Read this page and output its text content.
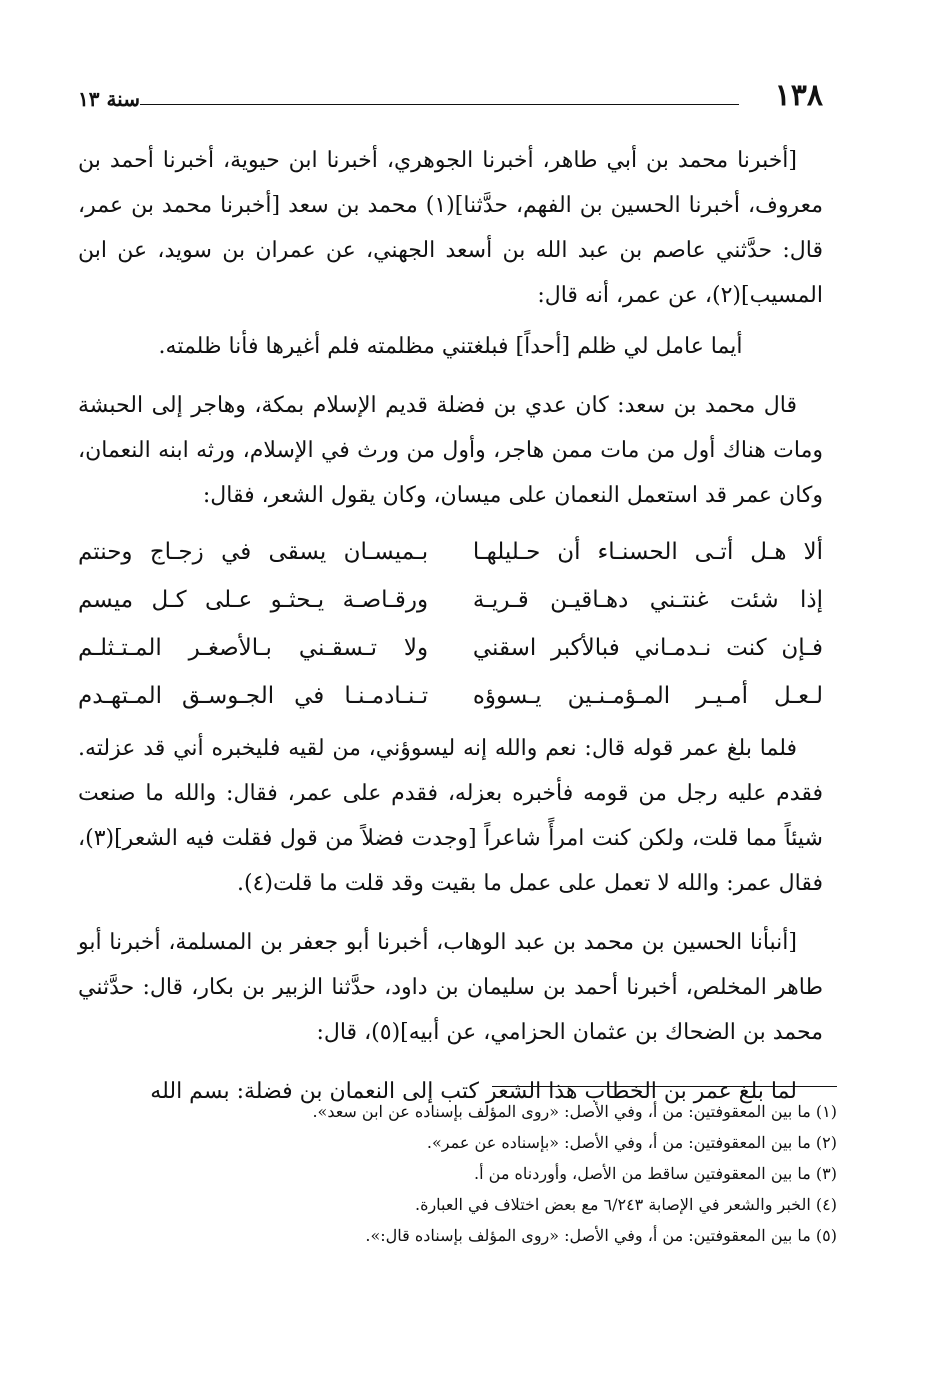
١٣٨
سنة ١٣

[أخبرنا محمد بن أبي طاهر، أخبرنا الجوهري، أخبرنا ابن حيوية، أخبرنا أحمد بن معروف، أخبرنا الحسين بن الفهم، حدَّثنا](١) محمد بن سعد [أخبرنا محمد بن عمر، قال: حدَّثني عاصم بن عبد الله بن أسعد الجهني، عن عمران بن سويد، عن ابن المسيب](٢)، عن عمر، أنه قال:

أيما عامل لي ظلم [أحداً] فبلغتني مظلمته فلم أغيرها فأنا ظلمته.

قال محمد بن سعد: كان عدي بن فضلة قديم الإسلام بمكة، وهاجر إلى الحبشة ومات هناك أول من مات ممن هاجر، وأول من ورث في الإسلام، ورثه ابنه النعمان، وكان عمر قد استعمل النعمان على ميسان، وكان يقول الشعر، فقال:

ألا هـل أتـى الحسنـاء أن حـليلهـا
بـميسـان يسقى في زجـاج وحنتم
إذا شئت غنتـني دهـاقيـن قـريـة
ورقـاصـة يـحثـو عـلى كـل ميسم
فـإن كنت نـدمـاني فبالأكبر اسقني
ولا تـسقـني بـالأصغـر المـتـثلـم
لـعـل أمـيـر المـؤمـنـين يـسوؤه
تـنـادمـنـا في الجـوسـق المـتهـدم

فلما بلغ عمر قوله قال: نعم والله إنه ليسوؤني، من لقيه فليخبره أني قد عزلته. فقدم عليه رجل من قومه فأخبره بعزله، فقدم على عمر، فقال: والله ما صنعت شيئاً مما قلت، ولكن كنت امرأً شاعراً [وجدت فضلاً من قول فقلت فيه الشعر](٣)، فقال عمر: والله لا تعمل على عمل ما بقيت وقد قلت ما قلت(٤).

[أنبأنا الحسين بن محمد بن عبد الوهاب، أخبرنا أبو جعفر بن المسلمة، أخبرنا أبو طاهر المخلص، أخبرنا أحمد بن سليمان بن داود، حدَّثنا الزبير بن بكار، قال: حدَّثني محمد بن الضحاك بن عثمان الحزامي، عن أبيه](٥)، قال:

لما بلغ عمر بن الخطاب هذا الشعر كتب إلى النعمان بن فضلة: بسم الله

(١) ما بين المعقوفتين: من أ، وفي الأصل: «روى المؤلف بإسناده عن ابن سعد».

(٢) ما بين المعقوفتين: من أ، وفي الأصل: «بإسناده عن عمر».

(٣) ما بين المعقوفتين ساقط من الأصل، وأوردناه من أ.

(٤) الخبر والشعر في الإصابة ٦/٢٤٣ مع بعض اختلاف في العبارة.

(٥) ما بين المعقوفتين: من أ، وفي الأصل: «روى المؤلف بإسناده قال:».
